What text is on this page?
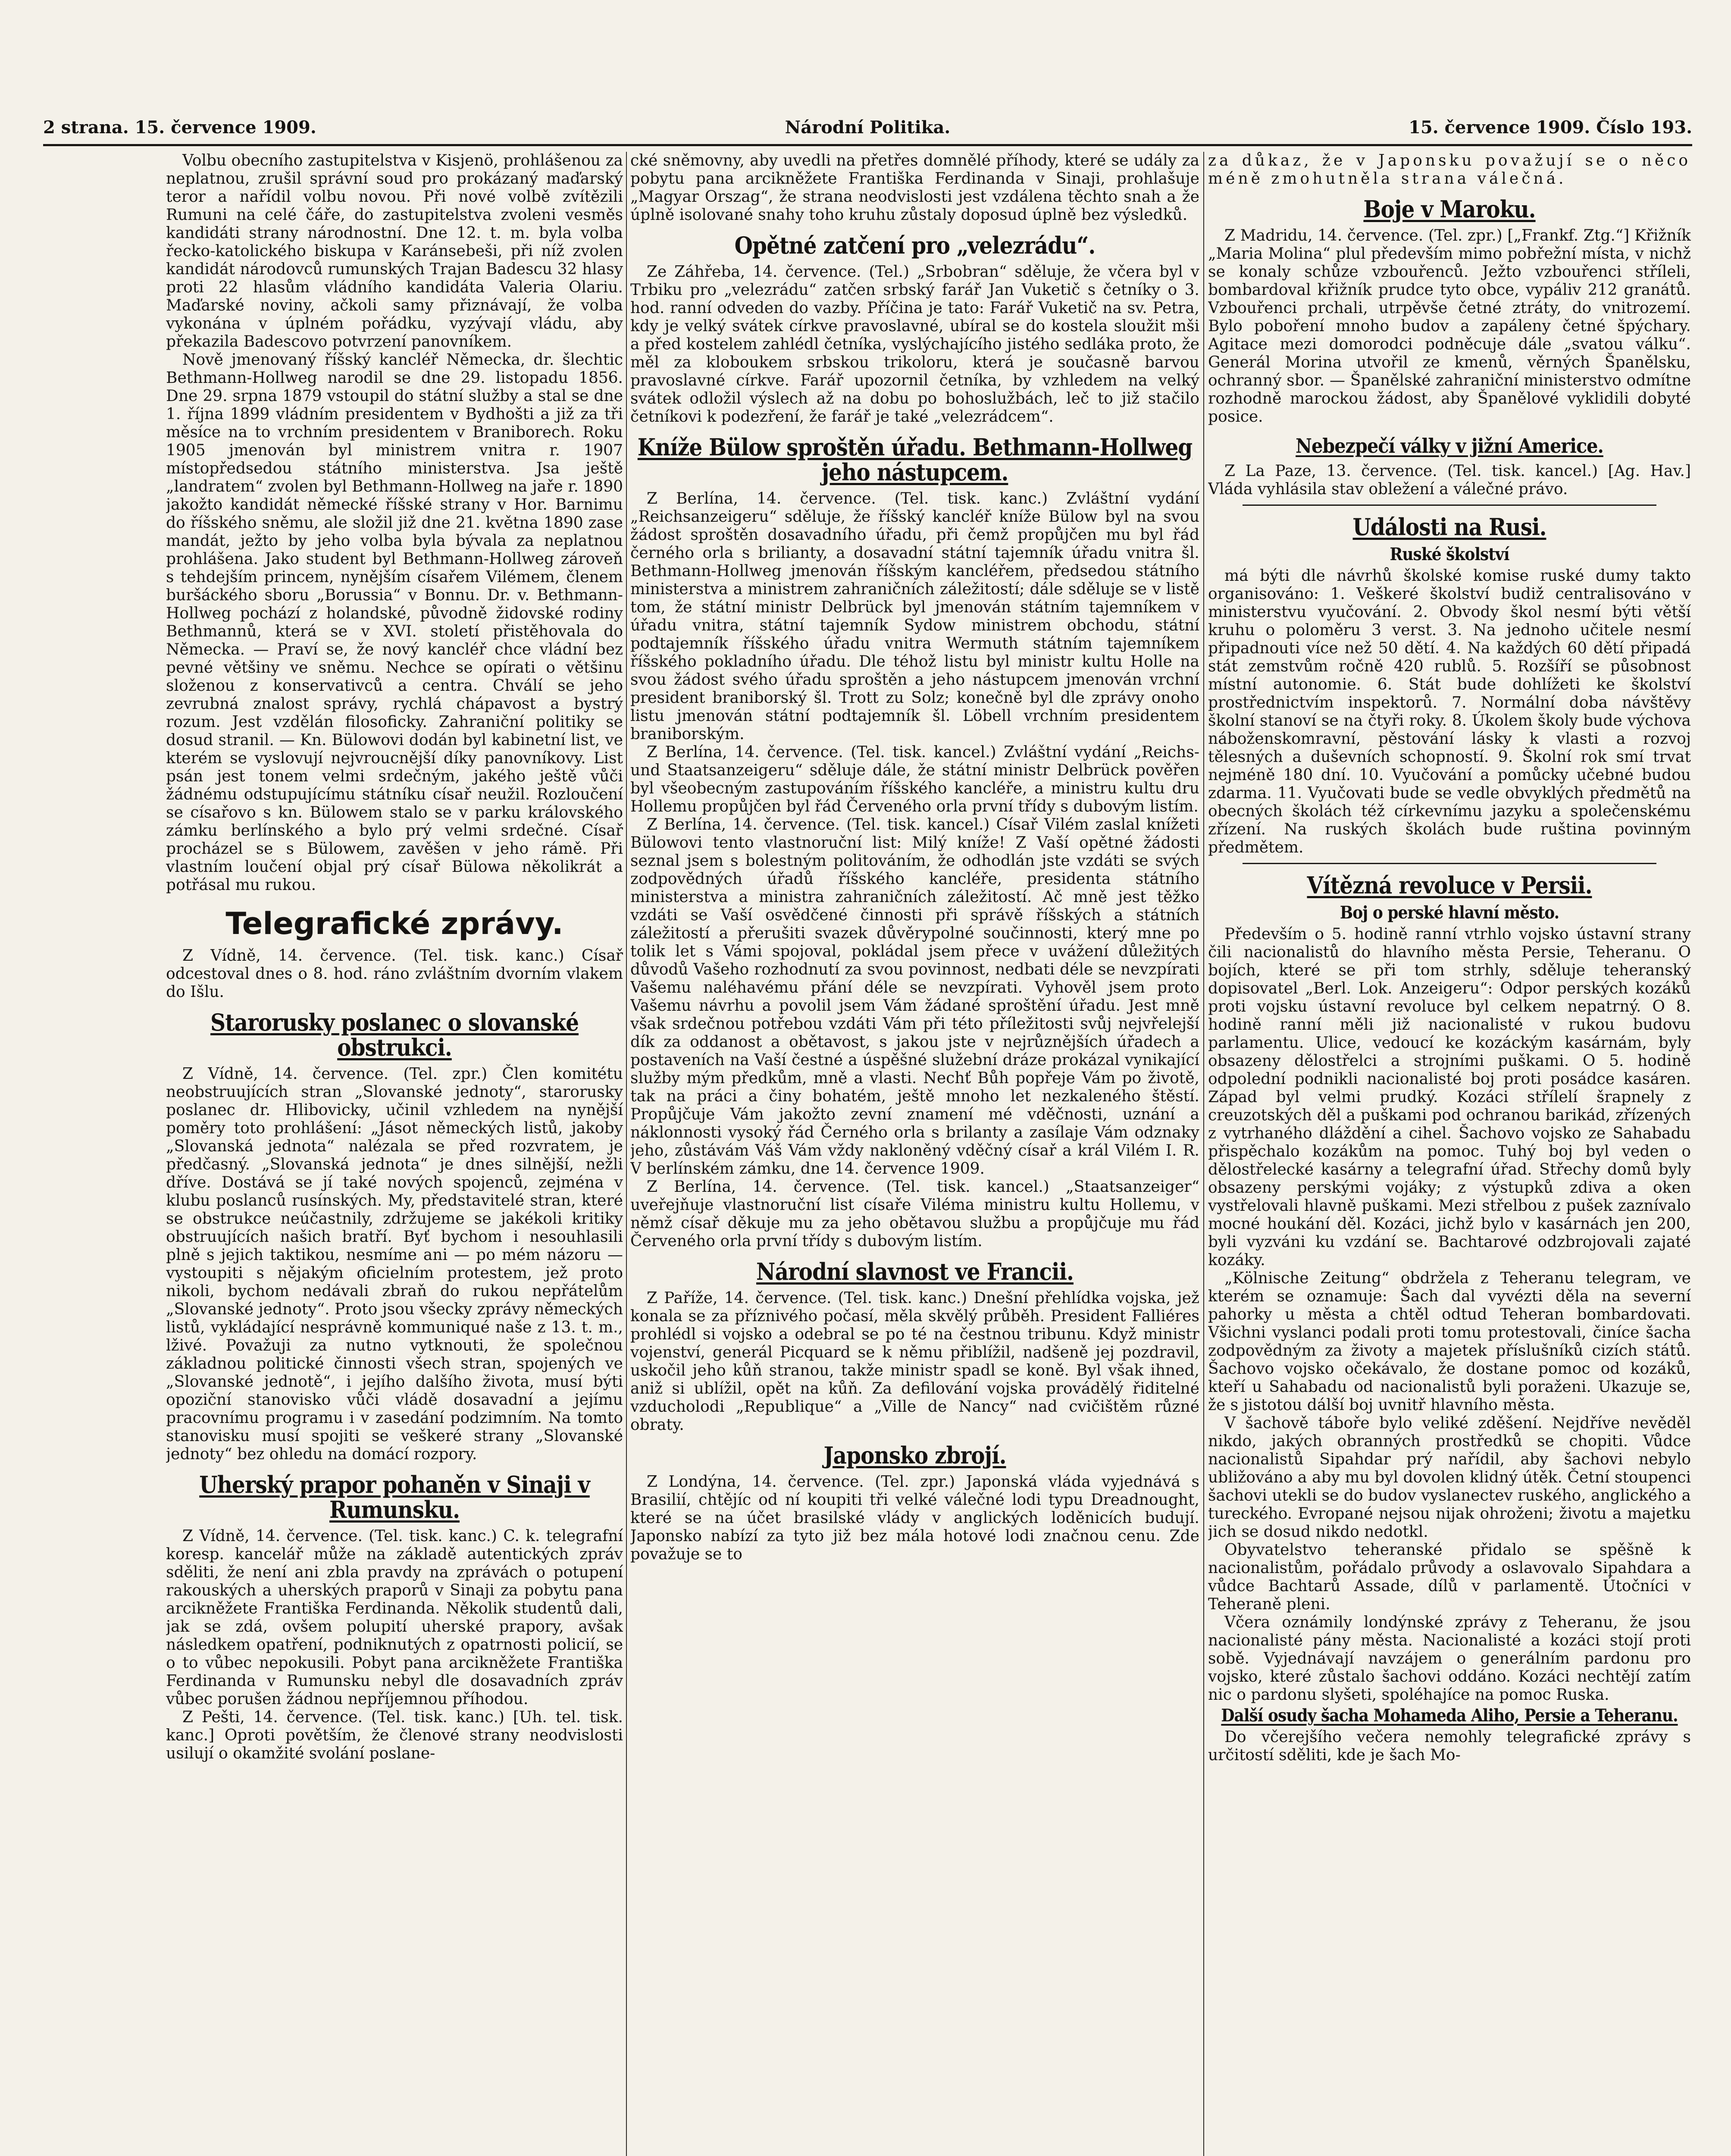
2 strana. 15. července 1909.	Národní Politika.	15. července 1909. Číslo 193.

Volbu obecního zastupitelstva v Kisjenö, prohlášenou za neplatnou, zrušil správní soud pro prokázaný maďarský teror a nařídil volbu novou. Při nové volbě zvítězili Rumuni na celé čáře, do zastupitelstva zvoleni vesměs kandidáti strany národnostní. Dne 12. t. m. byla volba řecko-katolického biskupa v Karánsebeši, při níž zvolen kandidát národovců rumunských Trajan Badescu 32 hlasy proti 22 hlasům vládního kandidáta Valeria Olariu. Maďarské noviny, ačkoli samy přiznávají, že volba vykonána v úplném pořádku, vyzývají vládu, aby překazila Badescovo potvrzení panovníkem.

Nově jmenovaný říšský kancléř Německa, dr. šlechtic Bethmann-Hollweg narodil se dne 29. listopadu 1856. Dne 29. srpna 1879 vstoupil do státní služby a stal se dne 1. října 1899 vládním presidentem v Bydhošti a již za tři měsíce na to vrchním presidentem v Braniborech. Roku 1905 jmenován byl ministrem vnitra r. 1907 místopředsedou státního ministerstva. Jsa ještě „landratem“ zvolen byl Bethmann-Hollweg na jaře r. 1890 jakožto kandidát německé říšské strany v Hor. Barnimu do říšského sněmu, ale složil již dne 21. května 1890 zase mandát, ježto by jeho volba byla bývala za neplatnou prohlášena. Jako student byl Bethmann-Hollweg zároveň s tehdejším princem, nynějším císařem Vilémem, členem buršáckého sboru „Borussia“ v Bonnu. Dr. v. Bethmann-Hollweg pochází z holandské, původně židovské rodiny Bethmannů, která se v XVI. století přistěhovala do Německa. — Praví se, že nový kancléř chce vládní bez pevné většiny ve sněmu. Nechce se opírati o většinu složenou z konservativců a centra. Chválí se jeho zevrubná znalost správy, rychlá chápavost a bystrý rozum. Jest vzdělán filosoficky. Zahraniční politiky se dosud stranil. — Kn. Bülowovi dodán byl kabinetní list, ve kterém se vyslovují nejvroucnější díky panovníkovy. List psán jest tonem velmi srdečným, jakého ještě vůči žádnému odstupujícímu státníku císař neužil. Rozloučení se císařovo s kn. Bülowem stalo se v parku královského zámku berlínského a bylo prý velmi srdečné. Císař procházel se s Bülowem, zavěšen v jeho rámě. Při vlastním loučení objal prý císař Bülowa několikrát a potřásal mu rukou.

Telegrafické zprávy.

Z Vídně, 14. července. (Tel. tisk. kanc.) Císař odcestoval dnes o 8. hod. ráno zvláštním dvorním vlakem do Išlu.

Starorusky poslanec o slovanské obstrukci.

Z Vídně, 14. července. (Tel. zpr.) Člen komitétu neobstruujících stran „Slovanské jednoty“, starorusky poslanec dr. Hlibovicky, učinil vzhledem na nynější poměry toto prohlášení: „Jásot německých listů, jakoby „Slovanská jednota“ nalézala se před rozvratem, je předčasný. „Slovanská jednota“ je dnes silnější, nežli dříve. Dostává se jí také nových spojenců, zejména v klubu poslanců rusínských. My, představitelé stran, které se obstrukce neúčastnily, zdržujeme se jakékoli kritiky obstruujících našich bratří. Byť bychom i nesouhlasili plně s jejich taktikou, nesmíme ani — po mém názoru — vystoupiti s nějakým oficielním protestem, jež proto nikoli, bychom nedávali zbraň do rukou nepřátelům „Slovanské jednoty“. Proto jsou všecky zprávy německých listů, vykládající nesprávně kommuniqué naše z 13. t. m., lživé. Považuji za nutno vytknouti, že společnou základnou politické činnosti všech stran, spojených ve „Slovanské jednotě“, i jejího dalšího života, musí býti opoziční stanovisko vůči vládě dosavadní a jejímu pracovnímu programu i v zasedání podzimním. Na tomto stanovisku musí spojiti se veškeré strany „Slovanské jednoty“ bez ohledu na domácí rozpory.

Uherský prapor pohaněn v Sinaji v Rumunsku.

Z Vídně, 14. července. (Tel. tisk. kanc.) C. k. telegrafní koresp. kancelář může na základě autentických zpráv sděliti, že není ani zbla pravdy na zprávách o potupení rakouských a uherských praporů v Sinaji za pobytu pana arcikněžete Františka Ferdinanda. Několik studentů dali, jak se zdá, ovšem polupití uherské prapory, avšak následkem opatření, podniknutých z opatrnosti policií, se o to vůbec nepokusili. Pobyt pana arcikněžete Františka Ferdinanda v Rumunsku nebyl dle dosavadních zpráv vůbec porušen žádnou nepříjemnou příhodou.

Z Pešti, 14. července. (Tel. tisk. kanc.) [Uh. tel. tisk. kanc.] Oproti povětším, že členové strany neodvislosti usilují o okamžité svolání poslane-

cké sněmovny, aby uvedli na přetřes domnělé příhody, které se udály za pobytu pana arcikněžete Františka Ferdinanda v Sinaji, prohlašuje „Magyar Orszag“, že strana neodvislosti jest vzdálena těchto snah a že úplně isolované snahy toho kruhu zůstaly doposud úplně bez výsledků.

Opětné zatčení pro „velezrádu“.

Ze Záhřeba, 14. července. (Tel.) „Srbobran“ sděluje, že včera byl v Trbiku pro „velezrádu“ zatčen srbský farář Jan Vuketič s četníky o 3. hod. ranní odveden do vazby. Příčina je tato: Farář Vuketič na sv. Petra, kdy je velký svátek církve pravoslavné, ubíral se do kostela sloužit mši a před kostelem zahlédl četníka, vyslýchajícího jistého sedláka proto, že měl za kloboukem srbskou trikoloru, která je současně barvou pravoslavné církve. Farář upozornil četníka, by vzhledem na velký svátek odložil výslech až na dobu po bohoslužbách, leč to již stačilo četníkovi k podezření, že farář je také „velezrádcem“.

Kníže Bülow sproštěn úřadu. Bethmann-Hollweg jeho nástupcem.

Z Berlína, 14. července. (Tel. tisk. kanc.) Zvláštní vydání „Reichsanzeigeru“ sděluje, že říšský kancléř kníže Bülow byl na svou žádost sproštěn dosavadního úřadu, při čemž propůjčen mu byl řád černého orla s brilianty, a dosavadní státní tajemník úřadu vnitra šl. Bethmann-Hollweg jmenován říšským kancléřem, předsedou státního ministerstva a ministrem zahraničních záležitostí; dále sděluje se v listě tom, že státní ministr Delbrück byl jmenován státním tajemníkem v úřadu vnitra, státní tajemník Sydow ministrem obchodu, státní podtajemník říšského úřadu vnitra Wermuth státním tajemníkem říšského pokladního úřadu. Dle téhož listu byl ministr kultu Holle na svou žádost svého úřadu sproštěn a jeho nástupcem jmenován vrchní president braniborský šl. Trott zu Solz; konečně byl dle zprávy onoho listu jmenován státní podtajemník šl. Löbell vrchním presidentem braniborským.

Z Berlína, 14. července. (Tel. tisk. kancel.) Zvláštní vydání „Reichs- und Staatsanzeigeru“ sděluje dále, že státní ministr Delbrück pověřen byl všeobecným zastupováním říšského kancléře, a ministru kultu dru Hollemu propůjčen byl řád Červeného orla první třídy s dubovým listím.

Z Berlína, 14. července. (Tel. tisk. kancel.) Císař Vilém zaslal knížeti Bülowovi tento vlastnoruční list: Milý kníže! Z Vaší opětné žádosti seznal jsem s bolestným politováním, že odhodlán jste vzdáti se svých zodpovědných úřadů říšského kancléře, presidenta státního ministerstva a ministra zahraničních záležitostí. Ač mně jest těžko vzdáti se Vaší osvědčené činnosti při správě říšských a státních záležitostí a přerušiti svazek důvěrypolné součinnosti, který mne po tolik let s Vámi spojoval, pokládal jsem přece v uvážení důležitých důvodů Vašeho rozhodnutí za svou povinnost, nedbati déle se nevzpírati Vašemu naléhavému přání déle se nevzpírati. Vyhověl jsem proto Vašemu návrhu a povolil jsem Vám žádané sproštění úřadu. Jest mně však srdečnou potřebou vzdáti Vám při této příležitosti svůj nejvřelejší dík za oddanost a obětavost, s jakou jste v nejrůznějších úřadech a postaveních na Vaší čestné a úspěšné služební dráze prokázal vynikající služby mým předkům, mně a vlasti. Nechť Bůh popřeje Vám po životě, tak na práci a činy bohatém, ještě mnoho let nezkaleného štěstí. Propůjčuje Vám jakožto zevní znamení mé vděčnosti, uznání a náklonnosti vysoký řád Černého orla s brilanty a zasílaje Vám odznaky jeho, zůstávám Váš Vám vždy nakloněný vděčný císař a král Vilém I. R. V berlínském zámku, dne 14. července 1909.

Z Berlína, 14. července. (Tel. tisk. kancel.) „Staatsanzeiger“ uveřejňuje vlastnoruční list císaře Viléma ministru kultu Hollemu, v němž císař děkuje mu za jeho obětavou službu a propůjčuje mu řád Červeného orla první třídy s dubovým listím.

Národní slavnost ve Francii.

Z Paříže, 14. července. (Tel. tisk. kanc.) Dnešní přehlídka vojska, jež konala se za příznivého počasí, měla skvělý průběh. President Falliéres prohlédl si vojsko a odebral se po té na čestnou tribunu. Když ministr vojenství, generál Picquard se k němu přiblížil, nadšeně jej pozdravil, uskočil jeho kůň stranou, takže ministr spadl se koně. Byl však ihned, aniž si ublížil, opět na kůň. Za defilování vojska provádělý řiditelné vzducholodi „Republique“ a „Ville de Nancy“ nad cvičištěm různé obraty.

Japonsko zbrojí.

Z Londýna, 14. července. (Tel. zpr.) Japonská vláda vyjednává s Brasilií, chtějíc od ní koupiti tři velké válečné lodi typu Dreadnought, které se na účet brasilské vlády v anglických loděnicích budují. Japonsko nabízí za tyto již bez mála hotové lodi značnou cenu. Zde považuje se to

za důkaz, že v Japonsku považují se o něco méně zmohutněla strana válečná.

Boje v Maroku.

Z Madridu, 14. července. (Tel. zpr.) [„Frankf. Ztg.“] Křižník „Maria Molina“ plul především mimo pobřežní místa, v nichž se konaly schůze vzbouřenců. Ježto vzbouřenci stříleli, bombardoval křižník prudce tyto obce, vypáliv 212 granátů. Vzbouřenci prchali, utrpěvše četné ztráty, do vnitrozemí. Bylo poboření mnoho budov a zapáleny četné špýchary. Agitace mezi domorodci podněcuje dále „svatou válku“. Generál Morina utvořil ze kmenů, věrných Španělsku, ochranný sbor. — Španělské zahraniční ministerstvo odmítne rozhodně marockou žádost, aby Španělové vyklidili dobyté posice.

Nebezpečí války v jižní Americe.

Z La Paze, 13. července. (Tel. tisk. kancel.) [Ag. Hav.] Vláda vyhlásila stav obležení a válečné právo.

Události na Rusi.
Ruské školství

má býti dle návrhů školské komise ruské dumy takto organisováno: 1. Veškeré školství budiž centralisováno v ministerstvu vyučování. 2. Obvody škol nesmí býti větší kruhu o poloměru 3 verst. 3. Na jednoho učitele nesmí připadnouti více než 50 dětí. 4. Na každých 60 dětí připadá stát zemstvům ročně 420 rublů. 5. Rozšíří se působnost místní autonomie. 6. Stát bude dohlížeti ke školství prostřednictvím inspektorů. 7. Normální doba návštěvy školní stanoví se na čtyři roky. 8. Úkolem školy bude výchova náboženskomravní, pěstování lásky k vlasti a rozvoj tělesných a duševních schopností. 9. Školní rok smí trvat nejméně 180 dní. 10. Vyučování a pomůcky učebné budou zdarma. 11. Vyučovati bude se vedle obvyklých předmětů na obecných školách též církevnímu jazyku a společenskému zřízení. Na ruských školách bude ruština povinným předmětem.

Vítězná revoluce v Persii.
Boj o perské hlavní město.

Především o 5. hodině ranní vtrhlo vojsko ústavní strany čili nacionalistů do hlavního města Persie, Teheranu. O bojích, které se při tom strhly, sděluje teheranský dopisovatel „Berl. Lok. Anzeigeru“: Odpor perských kozáků proti vojsku ústavní revoluce byl celkem nepatrný. O 8. hodině ranní měli již nacionalisté v rukou budovu parlamentu. Ulice, vedoucí ke kozáckým kasárnám, byly obsazeny dělostřelci a strojními puškami. O 5. hodině odpolední podnikli nacionalisté boj proti posádce kasáren. Západ byl velmi prudký. Kozáci střílelí šrapnely z creuzotských děl a puškami pod ochranou barikád, zřízených z vytrhaného dláždění a cihel. Šachovo vojsko ze Sahabadu přispěchalo kozákům na pomoc. Tuhý boj byl veden o dělostřelecké kasárny a telegrafní úřad. Střechy domů byly obsazeny perskými vojáky; z výstupků zdiva a oken vystřelovali hlavně puškami. Mezi střelbou z pušek zaznívalo mocné houkání děl. Kozáci, jichž bylo v kasárnách jen 200, byli vyzváni ku vzdání se. Bachtarové odzbrojovali zajaté kozáky.

„Kölnische Zeitung“ obdržela z Teheranu telegram, ve kterém se oznamuje: Šach dal vyvézti děla na severní pahorky u města a chtěl odtud Teheran bombardovati. Všichni vyslanci podali proti tomu protestovali, činíce šacha zodpovědným za životy a majetek příslušníků cizích států. Šachovo vojsko očekávalo, že dostane pomoc od kozáků, kteří u Sahabadu od nacionalistů byli poraženi. Ukazuje se, že s jistotou dálší boj uvnitř hlavního města.

V šachově táboře bylo veliké zděšení. Nejdříve nevěděl nikdo, jakých obranných prostředků se chopiti. Vůdce nacionalistů Sipahdar prý nařídil, aby šachovi nebylo ubližováno a aby mu byl dovolen klidný útěk. Četní stoupenci šachovi utekli se do budov vyslanectev ruského, anglického a tureckého. Evropané nejsou nijak ohroženi; životu a majetku jich se dosud nikdo nedotkl.

Obyvatelstvo teheranské přidalo se spěšně k nacionalistům, pořádalo průvody a oslavovalo Sipahdara a vůdce Bachtarů Assade, dílů v parlamentě. Útočníci v Teheraně pleni.

Včera oznámily londýnské zprávy z Teheranu, že jsou nacionalisté pány města. Nacionalisté a kozáci stojí proti sobě. Vyjednávají navzájem o generálním pardonu pro vojsko, které zůstalo šachovi oddáno. Kozáci nechtějí zatím nic o pardonu slyšeti, spoléhajíce na pomoc Ruska.

Další osudy šacha Mohameda Aliho, Persie a Teheranu.

Do včerejšího večera nemohly telegrafické zprávy s určitostí sděliti, kde je šach Mo-
